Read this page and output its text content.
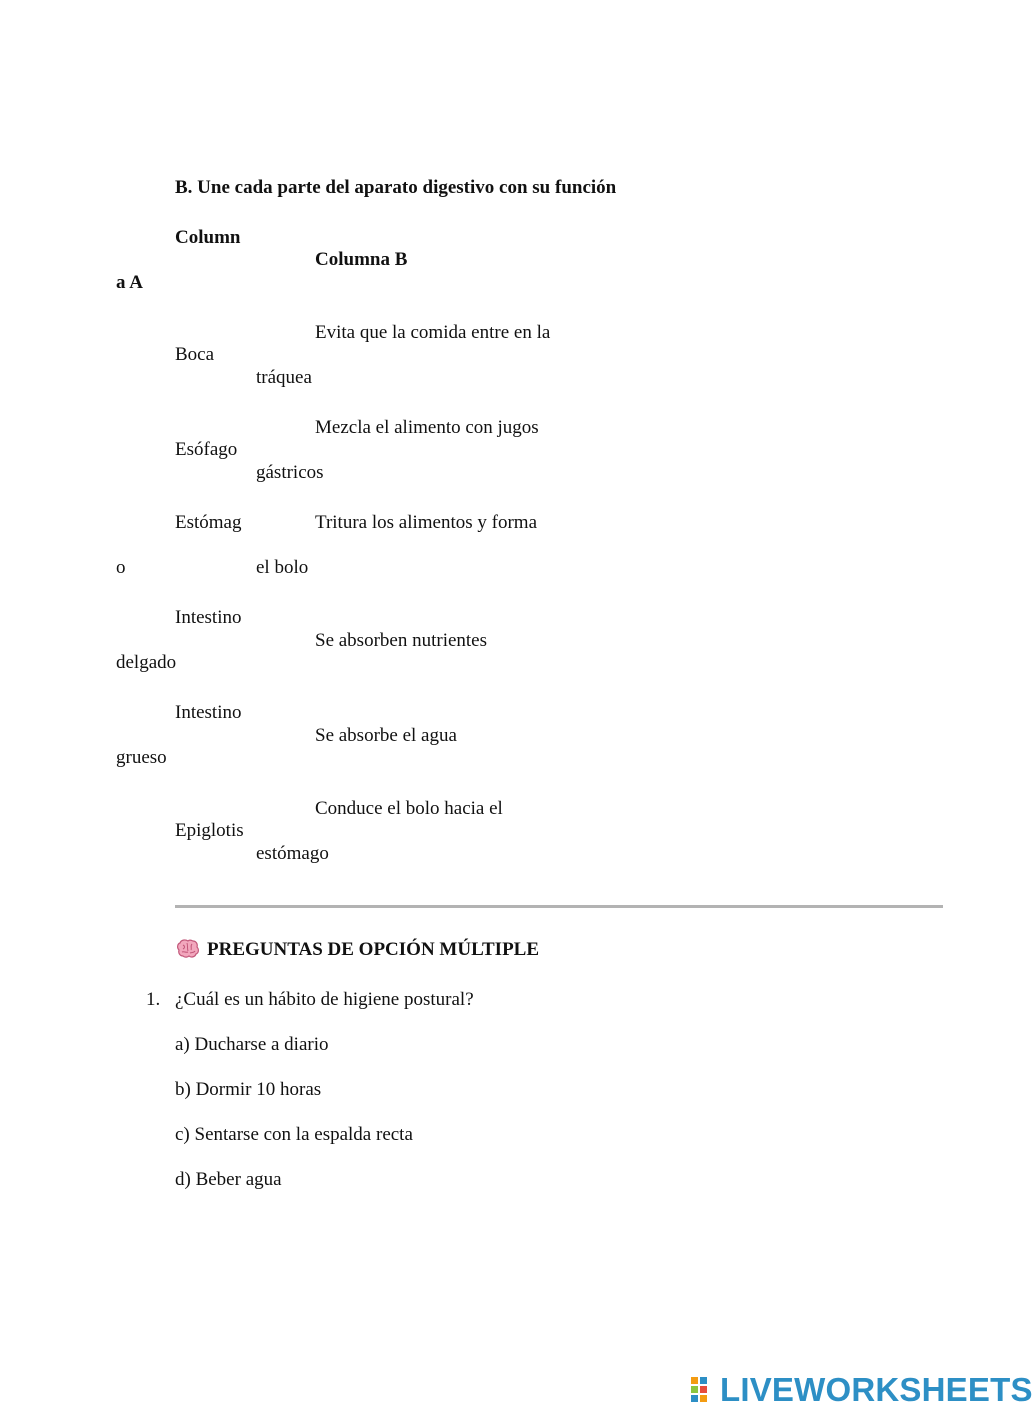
B. Une cada parte del aparato digestivo con su función
Column
a A
Columna B
Boca
Esófago
Estómag
o
Intestino
delgado
Intestino
grueso
Epiglotis
Evita que la comida entre en la
tráquea
Mezcla el alimento con jugos
gástricos
Tritura los alimentos y forma
el bolo
Se absorben nutrientes
Se absorbe el agua
Conduce el bolo hacia el
estómago
PREGUNTAS DE OPCIÓN MÚLTIPLE
1. ¿Cuál es un hábito de higiene postural?
a) Ducharse a diario
b) Dormir 10 horas
c) Sentarse con la espalda recta
d) Beber agua
LIVEWORKSHEETS
